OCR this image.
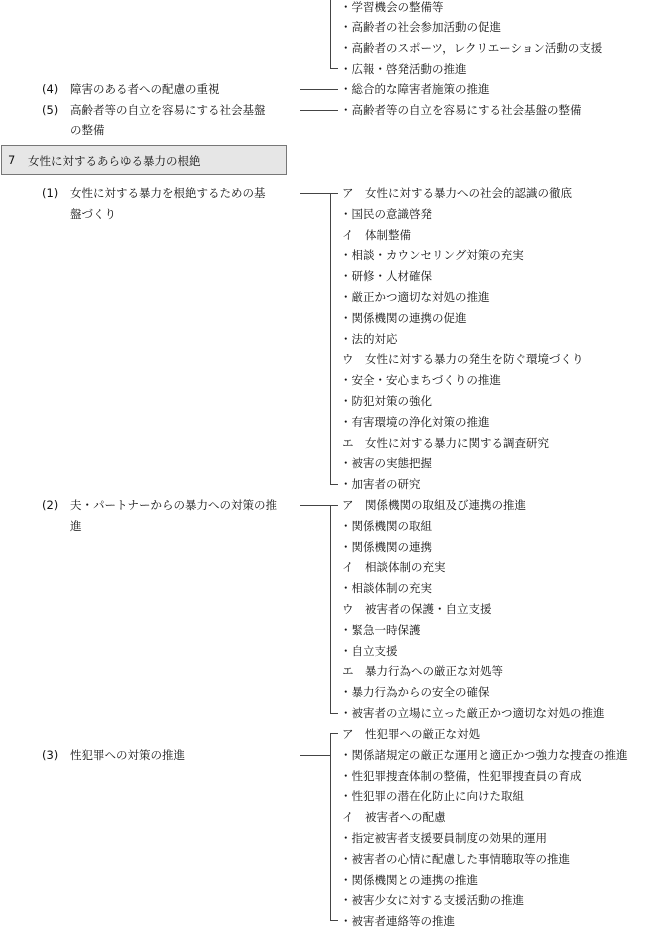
・学習機会の整備等
・高齢者の社会参加活動の促進
・高齢者のスポーツ，レクリエーション活動の支援
・広報・啓発活動の推進
(4) 障害のある者への配慮の重視	・総合的な障害者施策の推進
(5) 高齢者等の自立を容易にする社会基盤
の整備
・高齢者等の自立を容易にする社会基盤の整備
7 女性に対するあらゆる暴力の根絶
(1) 女性に対する暴力を根絶するための基
盤づくり
ア　女性に対する暴力への社会的認識の徹底
・国民の意識啓発
イ　体制整備
・相談・カウンセリング対策の充実
・研修・人材確保
・厳正かつ適切な対処の推進
・関係機関の連携の促進
・法的対応
ウ　女性に対する暴力の発生を防ぐ環境づくり
・安全・安心まちづくりの推進
・防犯対策の強化
・有害環境の浄化対策の推進
エ　女性に対する暴力に関する調査研究
・被害の実態把握
・加害者の研究
(2) 夫・パートナーからの暴力への対策の推
進
ア　関係機関の取組及び連携の推進
・関係機関の取組
・関係機関の連携
イ　相談体制の充実
・相談体制の充実
ウ　被害者の保護・自立支援
・緊急一時保護
・自立支援
エ　暴力行為への厳正な対処等
・暴力行為からの安全の確保
・被害者の立場に立った厳正かつ適切な対処の推進
(3) 性犯罪への対策の推進
ア　性犯罪への厳正な対処
・関係諸規定の厳正な運用と適正かつ強力な捜査の推進
・性犯罪捜査体制の整備，性犯罪捜査員の育成
・性犯罪の潜在化防止に向けた取組
イ　被害者への配慮
・指定被害者支援要員制度の効果的運用
・被害者の心情に配慮した事情聴取等の推進
・関係機関との連携の推進
・被害少女に対する支援活動の推進
・被害者連絡等の推進
